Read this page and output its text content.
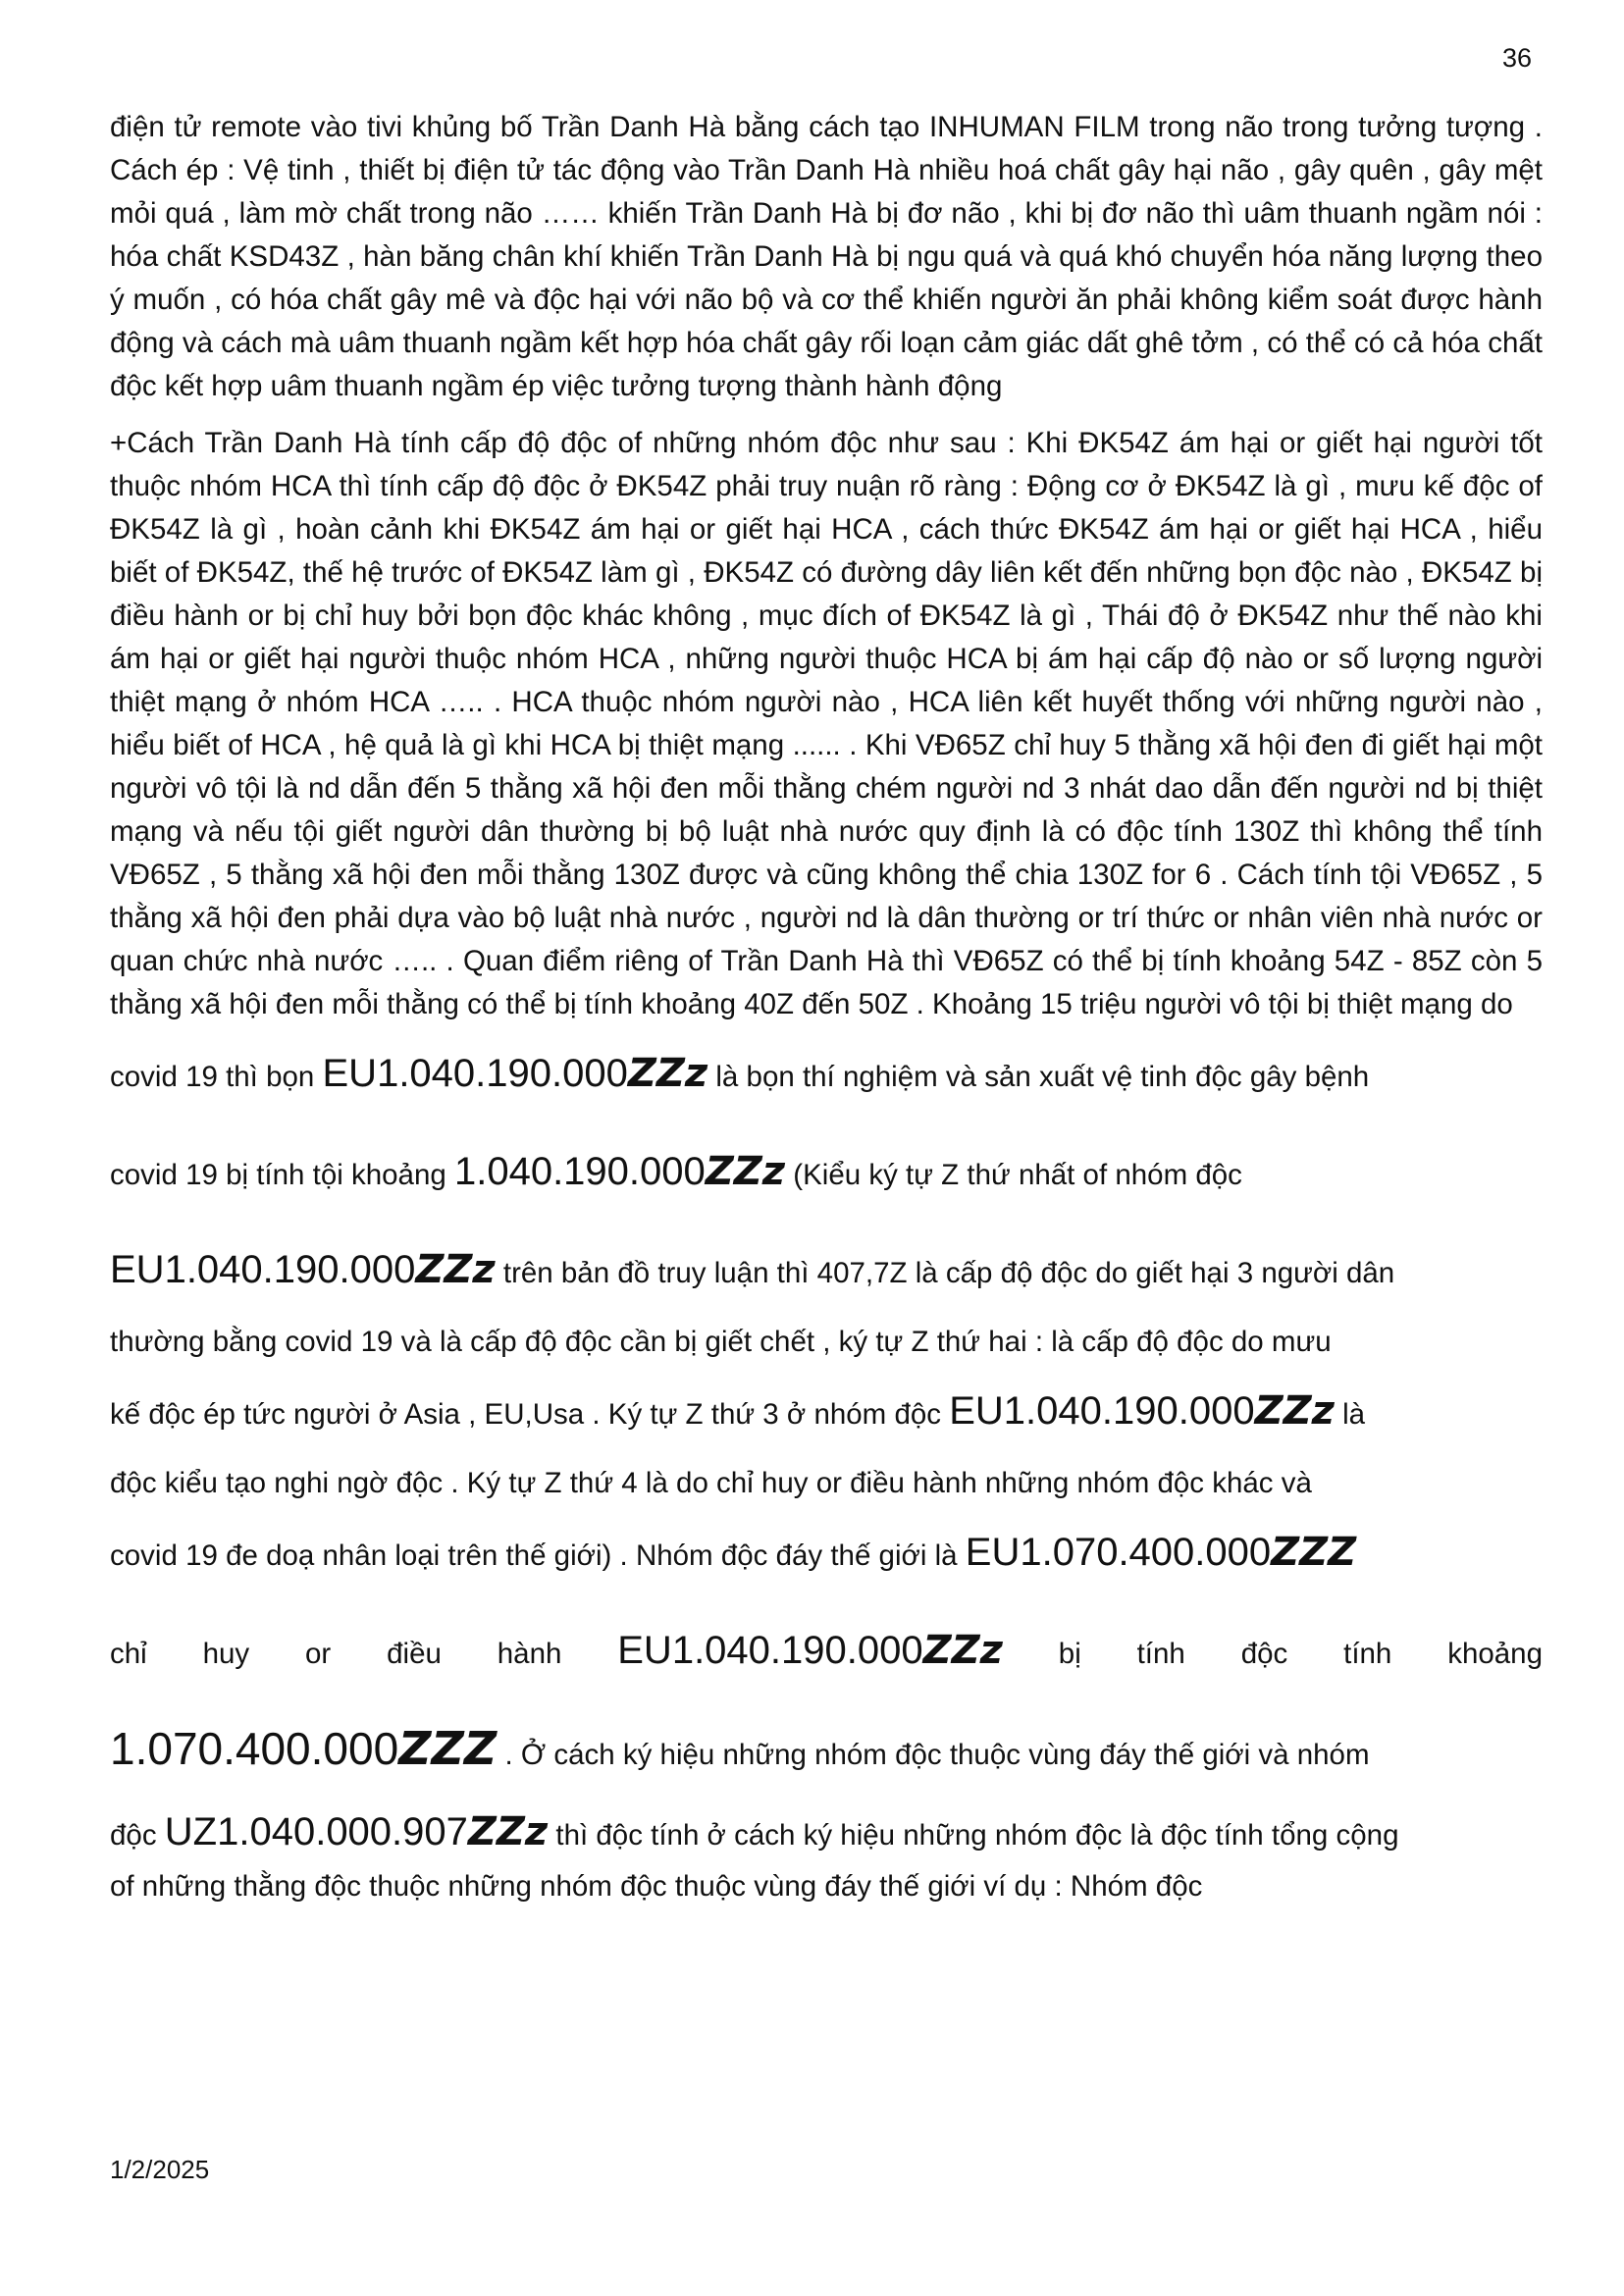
36

điện tử remote vào tivi khủng bố Trần Danh Hà bằng cách tạo INHUMAN FILM trong não trong tưởng tượng . Cách ép : Vệ tinh , thiết bị điện tử tác động vào Trần Danh Hà nhiều hoá chất gây hại não , gây quên , gây mệt mỏi quá , làm mờ chất trong não …… khiến Trần Danh Hà bị đơ não , khi bị đơ não thì uâm thuanh ngầm nói : hóa chất KSD43Z , hàn băng chân khí khiến Trần Danh Hà bị ngu quá và quá khó chuyển hóa năng lượng theo ý muốn , có hóa chất gây mê và độc hại với não bộ và cơ thể khiến người ăn phải không kiểm soát được hành động và cách mà uâm thuanh ngầm kết hợp hóa chất gây rối loạn cảm giác dất ghê tởm , có thể có cả hóa chất độc kết hợp uâm thuanh ngầm ép việc tưởng tượng thành hành động

+Cách Trần Danh Hà tính cấp độ độc of những nhóm độc như sau : Khi ĐK54Z ám hại or giết hại người tốt thuộc nhóm HCA thì tính cấp độ độc ở ĐK54Z phải truy nuận rõ ràng : Động cơ ở ĐK54Z là gì , mưu kế độc of ĐK54Z là gì , hoàn cảnh khi ĐK54Z ám hại or giết hại HCA , cách thức ĐK54Z ám hại or giết hại HCA , hiểu biết of ĐK54Z, thế hệ trước of ĐK54Z làm gì , ĐK54Z có đường dây liên kết đến những bọn độc nào , ĐK54Z bị điều hành or bị chỉ huy bởi bọn độc khác không , mục đích of ĐK54Z là gì , Thái độ ở ĐK54Z như thế nào khi ám hại or giết hại người thuộc nhóm HCA , những người thuộc HCA bị ám hại cấp độ nào or số lượng người thiệt mạng ở nhóm HCA ….. . HCA thuộc nhóm người nào , HCA liên kết huyết thống với những người nào , hiểu biết of HCA , hệ quả là gì khi HCA bị thiệt mạng ...... . Khi VĐ65Z chỉ huy 5 thằng xã hội đen đi giết hại một người vô tội là nd dẫn đến 5 thằng xã hội đen mỗi thằng chém người nd 3 nhát dao dẫn đến người nd bị thiệt mạng và nếu tội giết người dân thường bị bộ luật nhà nước quy định là có độc tính 130Z thì không thể tính VĐ65Z , 5 thằng xã hội đen mỗi thằng 130Z được và cũng không thể chia 130Z for 6 . Cách tính tội VĐ65Z , 5 thằng xã hội đen phải dựa vào bộ luật nhà nước , người nd là dân thường or trí thức or nhân viên nhà nước or quan chức nhà nước ….. . Quan điểm riêng of Trần Danh Hà thì VĐ65Z có thể bị tính khoảng 54Z - 85Z còn 5 thằng xã hội đen mỗi thằng có thể bị tính khoảng 40Z đến 50Z . Khoảng 15 triệu người vô tội bị thiệt mạng do

covid 19 thì bọn EU1.040.190.000ZZz là bọn thí nghiệm và sản xuất vệ tinh độc gây bệnh

covid 19 bị tính tội khoảng 1.040.190.000ZZz (Kiểu ký tự Z thứ nhất of nhóm độc

EU1.040.190.000ZZz trên bản đồ truy luận thì 407,7Z là cấp độ độc do giết hại 3 người dân

thường bằng covid 19 và là cấp độ độc cần bị giết chết , ký tự Z thứ hai : là cấp độ độc do mưu

kế độc ép tức người ở Asia , EU,Usa . Ký tự Z thứ 3 ở nhóm độc EU1.040.190.000ZZz là

độc kiểu tạo nghi ngờ độc . Ký tự Z thứ 4 là do chỉ huy or điều hành những nhóm độc khác và

covid 19 đe doạ nhân loại trên thế giới) . Nhóm độc đáy thế giới là EU1.070.400.000ZZZ

chỉ huy or điều hành EU1.040.190.000ZZz bị tính độc tính khoảng

1.070.400.000ZZZ . Ở cách ký hiệu những nhóm độc thuộc vùng đáy thế giới và nhóm

độc UZ1.040.000.907ZZz thì độc tính ở cách ký hiệu những nhóm độc là độc tính tổng cộng

of những thằng độc thuộc những nhóm độc thuộc vùng đáy thế giới ví dụ : Nhóm độc

1/2/2025
